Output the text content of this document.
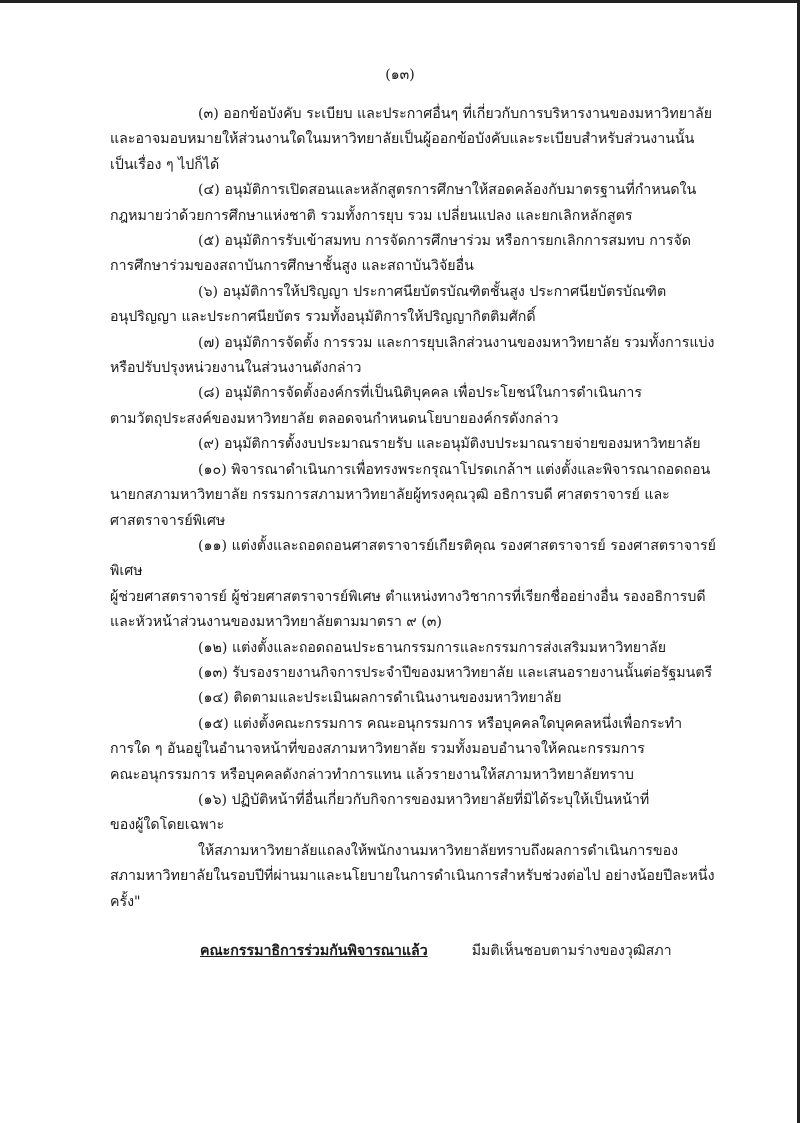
(๑๓)

(๓) ออกข้อบังคับ ระเบียบ และประกาศอื่นๆ ที่เกี่ยวกับการบริหารงานของมหาวิทยาลัย
และอาจมอบหมายให้ส่วนงานใดในมหาวิทยาลัยเป็นผู้ออกข้อบังคับและระเบียบสำหรับส่วนงานนั้น
เป็นเรื่อง ๆ ไปก็ได้

(๔) อนุมัติการเปิดสอนและหลักสูตรการศึกษาให้สอดคล้องกับมาตรฐานที่กำหนดใน
กฎหมายว่าด้วยการศึกษาแห่งชาติ รวมทั้งการยุบ รวม เปลี่ยนแปลง และยกเลิกหลักสูตร

(๕) อนุมัติการรับเข้าสมทบ การจัดการศึกษาร่วม หรือการยกเลิกการสมทบ การจัด
การศึกษาร่วมของสถาบันการศึกษาชั้นสูง และสถาบันวิจัยอื่น

(๖) อนุมัติการให้ปริญญา ประกาศนียบัตรบัณฑิตชั้นสูง ประกาศนียบัตรบัณฑิต
อนุปริญญา และประกาศนียบัตร รวมทั้งอนุมัติการให้ปริญญากิตติมศักดิ์

(๗) อนุมัติการจัดตั้ง การรวม และการยุบเลิกส่วนงานของมหาวิทยาลัย รวมทั้งการแบ่ง
หรือปรับปรุงหน่วยงานในส่วนงานดังกล่าว

(๘) อนุมัติการจัดตั้งองค์กรที่เป็นนิติบุคคล เพื่อประโยชน์ในการดำเนินการ
ตามวัตถุประสงค์ของมหาวิทยาลัย ตลอดจนกำหนดนโยบายองค์กรดังกล่าว

(๙) อนุมัติการตั้งงบประมาณรายรับ และอนุมัติงบประมาณรายจ่ายของมหาวิทยาลัย

(๑๐) พิจารณาดำเนินการเพื่อทรงพระกรุณาโปรดเกล้าฯ แต่งตั้งและพิจารณาถอดถอน
นายกสภามหาวิทยาลัย กรรมการสภามหาวิทยาลัยผู้ทรงคุณวุฒิ อธิการบดี ศาสตราจารย์ และ
ศาสตราจารย์พิเศษ

(๑๑) แต่งตั้งและถอดถอนศาสตราจารย์เกียรติคุณ รองศาสตราจารย์ รองศาสตราจารย์พิเศษ
ผู้ช่วยศาสตราจารย์ ผู้ช่วยศาสตราจารย์พิเศษ ตำแหน่งทางวิชาการที่เรียกชื่ออย่างอื่น รองอธิการบดี
และหัวหน้าส่วนงานของมหาวิทยาลัยตามมาตรา ๙ (๓)

(๑๒) แต่งตั้งและถอดถอนประธานกรรมการและกรรมการส่งเสริมมหาวิทยาลัย

(๑๓) รับรองรายงานกิจการประจำปีของมหาวิทยาลัย และเสนอรายงานนั้นต่อรัฐมนตรี

(๑๔) ติดตามและประเมินผลการดำเนินงานของมหาวิทยาลัย

(๑๕) แต่งตั้งคณะกรรมการ คณะอนุกรรมการ หรือบุคคลใดบุคคลหนึ่งเพื่อกระทำ
การใด ๆ อันอยู่ในอำนาจหน้าที่ของสภามหาวิทยาลัย รวมทั้งมอบอำนาจให้คณะกรรมการ
คณะอนุกรรมการ หรือบุคคลดังกล่าวทำการแทน แล้วรายงานให้สภามหาวิทยาลัยทราบ

(๑๖) ปฏิบัติหน้าที่อื่นเกี่ยวกับกิจการของมหาวิทยาลัยที่มิได้ระบุให้เป็นหน้าที่
ของผู้ใดโดยเฉพาะ

ให้สภามหาวิทยาลัยแถลงให้พนักงานมหาวิทยาลัยทราบถึงผลการดำเนินการของ
สภามหาวิทยาลัยในรอบปีที่ผ่านมาและนโยบายในการดำเนินการสำหรับช่วงต่อไป อย่างน้อยปีละหนึ่งครั้ง"

คณะกรรมาธิการร่วมกันพิจารณาแล้ว	มีมติเห็นชอบตามร่างของวุฒิสภา
